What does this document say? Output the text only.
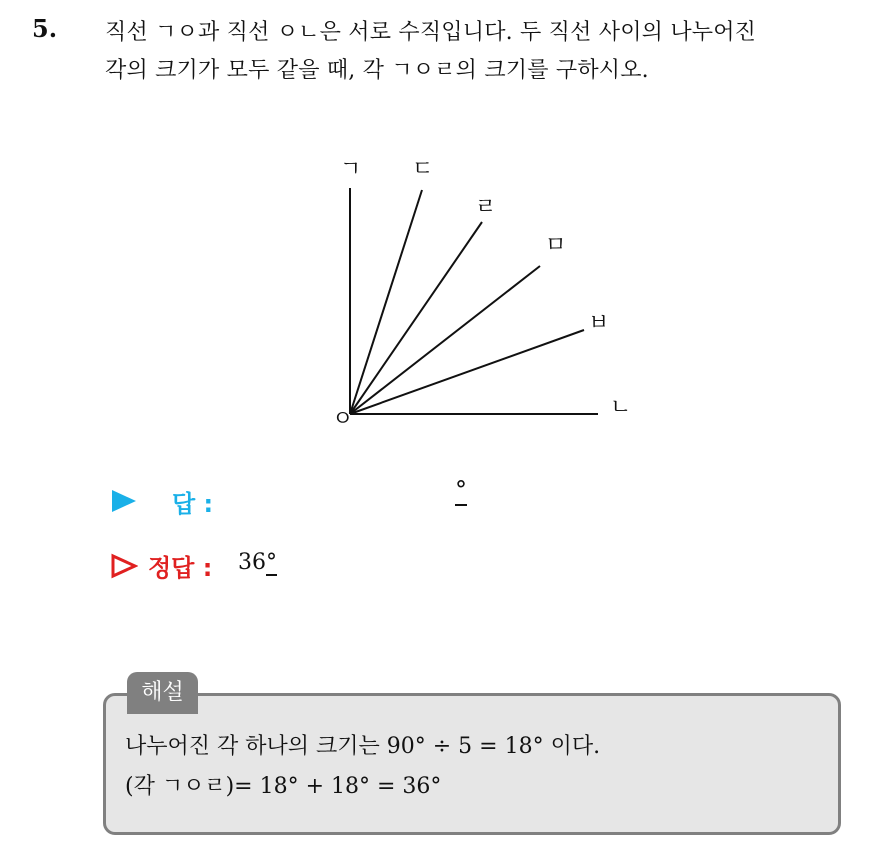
5. 직선 ㄱㅇ과 직선 ㅇㄴ은 서로 수직입니다. 두 직선 사이의 나누어진
각의 크기가 모두 같을 때, 각 ㄱㅇㄹ의 크기를 구하시오.
ㅇ
ㄱ ㄷ
ㄹ
ㅁ
ㅂ
ㄴ
답 :	°
정답 : 36°
해설
나누어진 각 하나의 크기는 90° ÷ 5 = 18° 이다.
(각 ㄱㅇㄹ)= 18° + 18° = 36°
